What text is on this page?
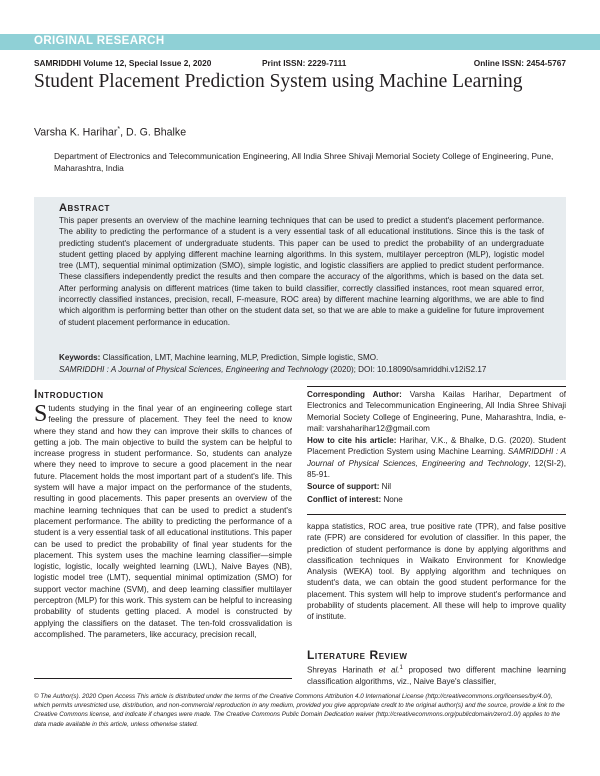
ORIGINAL RESEARCH
SAMRIDDHI Volume 12, Special Issue 2, 2020	Print ISSN: 2229-7111	Online ISSN: 2454-5767
Student Placement Prediction System using Machine Learning
Varsha K. Harihar*, D. G. Bhalke
Department of Electronics and Telecommunication Engineering, All India Shree Shivaji Memorial Society College of Engineering, Pune, Maharashtra, India
Abstract

This paper presents an overview of the machine learning techniques that can be used to predict a student's placement performance. The ability to predicting the performance of a student is a very essential task of all educational institutions. Since this is the task of predicting student's placement of undergraduate students. This paper can be used to predict the probability of an undergraduate student getting placed by applying different machine learning algorithms. In this system, multilayer perceptron (MLP), logistic model tree (LMT), sequential minimal optimization (SMO), simple logistic, and logistic classifiers are applied to predict student performance. These classifiers independently predict the results and then compare the accuracy of the algorithms, which is based on the data set. After performing analysis on different matrices (time taken to build classifier, correctly classified instances, root mean squared error, incorrectly classified instances, precision, recall, F-measure, ROC area) by different machine learning algorithms, we are able to find which algorithm is performing better than other on the student data set, so that we are able to make a guideline for future improvement of student placement performance in education.

Keywords: Classification, LMT, Machine learning, MLP, Prediction, Simple logistic, SMO.
SAMRIDDHI : A Journal of Physical Sciences, Engineering and Technology (2020); DOI: 10.18090/samriddhi.v12iS2.17
Introduction

Students studying in the final year of an engineering college start feeling the pressure of placement. They feel the need to know where they stand and how they can improve their skills to chances of getting a job. The main objective to build the system can be helpful to increase progress in student performance. So, students can analyze where they need to improve to secure a good placement in the near future. Placement holds the most important part of a student's life. This system will have a major impact on the performance of the students, resulting in good placements. This paper presents an overview of the machine learning techniques that can be used to predict a student's placement performance. The ability to predicting the performance of a student is a very essential task of all educational institutions. This paper can be used to predict the probability of final year students for the placement. This system uses the machine learning classifier—simple logistic, logistic, locally weighted learning (LWL), Naive Bayes (NB), logistic model tree (LMT), sequential minimal optimization (SMO) for support vector machine (SVM), and deep learning classifier multilayer perceptron (MLP) for this work. This system can be helpful to increasing probability of students getting placed. A model is constructed by applying the classifiers on the dataset. The ten-fold crossvalidation is accomplished. The parameters, like accuracy, precision recall,

Corresponding Author: Varsha Kailas Harihar, Department of Electronics and Telecommunication Engineering, All India Shree Shivaji Memorial Society College of Engineering, Pune, Maharashtra, India, e-mail: varshaharihar12@gmail.com

How to cite his article: Harihar, V.K., & Bhalke, D.G. (2020). Student Placement Prediction System using Machine Learning. SAMRIDDHI : A Journal of Physical Sciences, Engineering and Technology, 12(SI-2), 85-91.

Source of support: Nil

Conflict of interest: None

kappa statistics, ROC area, true positive rate (TPR), and false positive rate (FPR) are considered for evolution of classifier. In this paper, the prediction of student performance is done by applying algorithms and classification techniques in Waikato Environment for Knowledge Analysis (WEKA) tool. By applying algorithm and techniques on student's data, we can obtain the good student performance for the placement. This system will help to improve student's performance and probability of students placement. All these will help to improve quality of institute.

Literature Review

Shreyas Harinath et al.$^1$ proposed two different machine learning classification algorithms, viz., Naive Baye's classifier,

© The Author(s). 2020 Open Access This article is distributed under the terms of the Creative Commons Attribution 4.0 International License (http://creativecommons.org/licenses/by/4.0/), which permits unrestricted use, distribution, and non-commercial reproduction in any medium, provided you give appropriate credit to the original author(s) and the source, provide a link to the Creative Commons license, and indicate if changes were made. The Creative Commons Public Domain Dedication waiver (http://creativecommons.org/publicdomain/zero/1.0/) applies to the data made available in this article, unless otherwise stated.
